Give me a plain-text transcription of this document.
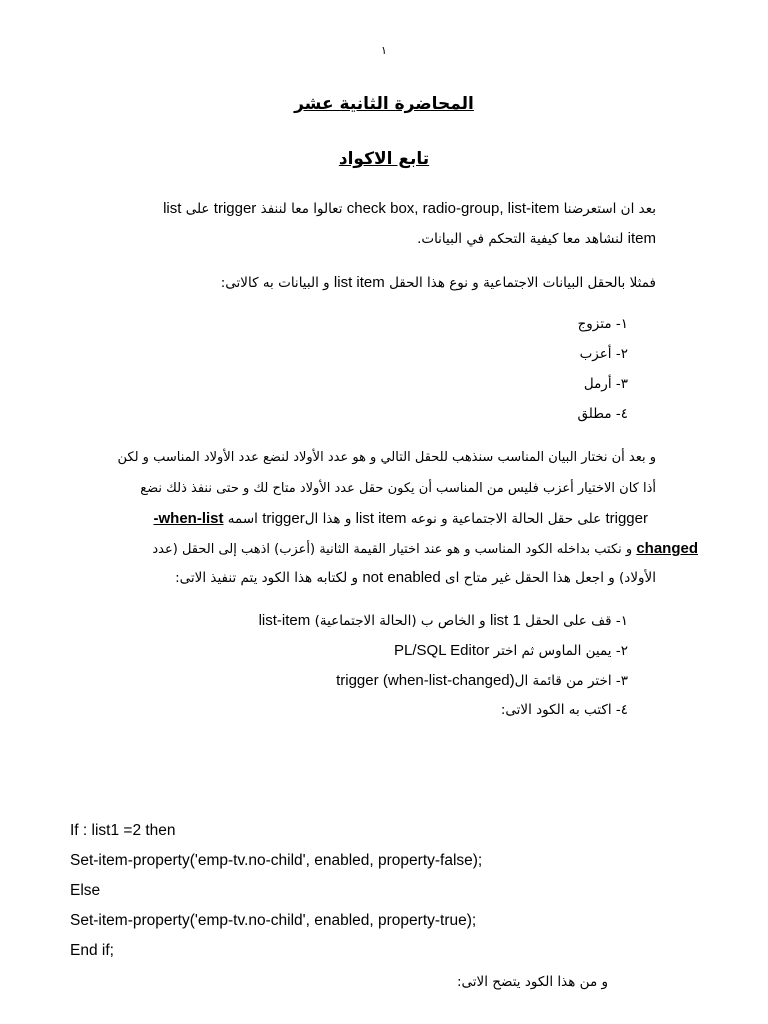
١
المحاضرة الثانية عشر
تابع الاكواد
بعد ان استعرضنا check box, radio-group, list-item تعالوا معا لننفذ trigger على list
item لنشاهد معا كيفية التحكم في البيانات.
فمثلا بالحقل البيانات الاجتماعية و نوع هذا الحقل list item و البيانات به كالاتى:
١- متزوج
٢- أعزب
٣- أرمل
٤- مطلق
و بعد أن نختار البيان المناسب سنذهب للحقل التالي و هو عدد الأولاد لنضع عدد الأولاد المناسب و لكن
أذا كان الاختيار أعزب فليس من المناسب أن يكون حقل عدد الأولاد متاح لك و حتى ننفذ ذلك نضع
trigger على حقل الحالة الاجتماعية و نوعه list item و هذا الtrigger اسمه when-list-
changed و نكتب بداخله الكود المناسب و هو عند اختيار القيمة الثانية (أعزب) اذهب إلى الحقل (عدد
الأولاد) و اجعل هذا الحقل غير متاح اى not enabled و لكتابه هذا الكود يتم تنفيذ الاتى:
١- قف على الحقل list 1 و الخاص ب (الحالة الاجتماعية) list-item
٢- يمين الماوس ثم اختر PL/SQL Editor
٣- اختر من قائمة الtrigger (when-list-changed)
٤- اكتب به الكود الاتى:
If : list1 =2 then
Set-item-property('emp-tv.no-child', enabled, property-false);
Else
Set-item-property('emp-tv.no-child', enabled, property-true);
End if;
و من هذا الكود يتضح الاتى:
